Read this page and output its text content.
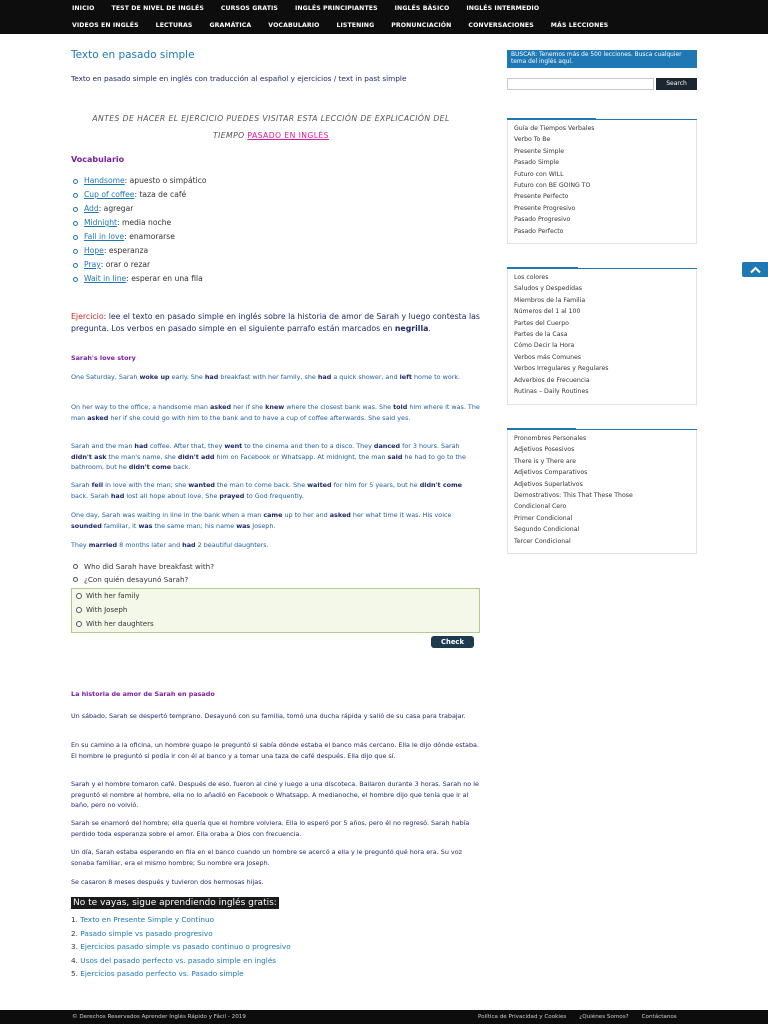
INICIO	TEST DE NIVEL DE INGLÉS	CURSOS GRATIS	INGLÉS PRINCIPIANTES	INGLÉS BÁSICO	INGLÉS INTERMEDIO
VIDEOS EN INGLÉS	LECTURAS	GRAMÁTICA	VOCABULARIO	LISTENING	PRONUNCIACIÓN	CONVERSACIONES	MÁS LECCIONES
Texto en pasado simple
Texto en pasado simple en inglés con traducción al español y ejercicios / text in past simple
ANTES DE HACER EL EJERCICIO PUEDES VISITAR ESTA LECCIÓN DE EXPLICACIÓN DEL TIEMPO PASADO EN INGLÉS
Vocabulario
Handsome : apuesto o simpático
Cup of coffee : taza de café
Add : agregar
Midnight : media noche
Fall in love : enamorarse
Hope : esperanza
Pray : orar o rezar
Wait in line : esperar en una fila
Ejercicio: lee el texto en pasado simple en inglés sobre la historia de amor de Sarah y luego contesta las pregunta. Los verbos en pasado simple en el siguiente parrafo están marcados en negrilla.
Sarah's love story

One Saturday, Sarah woke up early. She had breakfast with her family, she had a quick shower, and left home to work.

On her way to the office, a handsome man asked her if she knew where the closest bank was. She told him where it was. The man asked her if she could go with him to the bank and to have a cup of coffee afterwards. She said yes.

Sarah and the man had coffee. After that, they went to the cinema and then to a disco. They danced for 3 hours. Sarah didn't ask the man's name, she didn't add him on Facebook or Whatsapp. At midnight, the man said he had to go to the bathroom, but he didn't come back.

Sarah fell in love with the man; she wanted the man to come back. She waited for him for 5 years, but he didn't come back. Sarah had lost all hope about love. She prayed to God frequently.

One day, Sarah was waiting in line in the bank when a man came up to her and asked her what time it was. His voice sounded familiar, it was the same man; his name was Joseph.

They married 8 months later and had 2 beautiful daughters.

Who did Sarah have breakfast with?
¿Con quién desayunó Sarah?
With her family
With Joseph
With her daughters
Check
La historia de amor de Sarah en pasado

Un sábado, Sarah se despertó temprano. Desayunó con su familia, tomó una ducha rápida y salió de su casa para trabajar.

En su camino a la oficina, un hombre guapo le preguntó si sabía dónde estaba el banco más cercano. Ella le dijo dónde estaba. El hombre le preguntó si podía ir con él al banco y a tomar una taza de café después. Ella dijo que sí.

Sarah y el hombre tomaron café. Después de eso, fueron al cine y luego a una discoteca. Bailaron durante 3 horas. Sarah no le preguntó el nombre al hombre, ella no lo añadió en Facebook o Whatsapp. A medianoche, el hombre dijo que tenía que ir al baño, pero no volvió.

Sarah se enamoró del hombre; ella quería que el hombre volviera. Ella lo esperó por 5 años, pero él no regresó. Sarah había perdido toda esperanza sobre el amor. Ella oraba a Dios con frecuencia.

Un día, Sarah estaba esperando en fila en el banco cuando un hombre se acercó a ella y le preguntó qué hora era. Su voz sonaba familiar, era el mismo hombre; Su nombre era Joseph.

Se casaron 8 meses después y tuvieron dos hermosas hijas.

No te vayas, sigue aprendiendo inglés gratis:
1. Texto en Presente Simple y Continuo
2. Pasado simple vs pasado progresivo
3. Ejercicios pasado simple vs pasado continuo o progresivo
4. Usos del pasado perfecto vs. pasado simple en inglés
5. Ejercicios pasado perfecto vs. Pasado simple
BUSCAR: Tenemos más de 500 lecciones. Busca cualquier tema del inglés aquí.
Search
Guía de Tiempos Verbales
Verbo To Be
Presente Simple
Pasado Simple
Futuro con WILL
Futuro con BE GOING TO
Presente Perfecto
Presente Progresivo
Pasado Progresivo
Pasado Perfecto
Los colores
Saludos y Despedidas
Miembros de la Familia
Números del 1 al 100
Partes del Cuerpo
Partes de la Casa
Cómo Decir la Hora
Verbos más Comunes
Verbos Irregulares y Regulares
Adverbios de Frecuencia
Rutinas – Daily Routines
Pronombres Personales
Adjetivos Posesivos
There is y There are
Adjetivos Comparativos
Adjetivos Superlativos
Demostrativos: This That These Those
Condicional Cero
Primer Condicional
Segundo Condicional
Tercer Condicional
© Derechos Reservados Aprender Inglés Rápido y Fácil - 2019	Política de Privacidad y Cookies ¿Quiénes Somos? Contáctanos
